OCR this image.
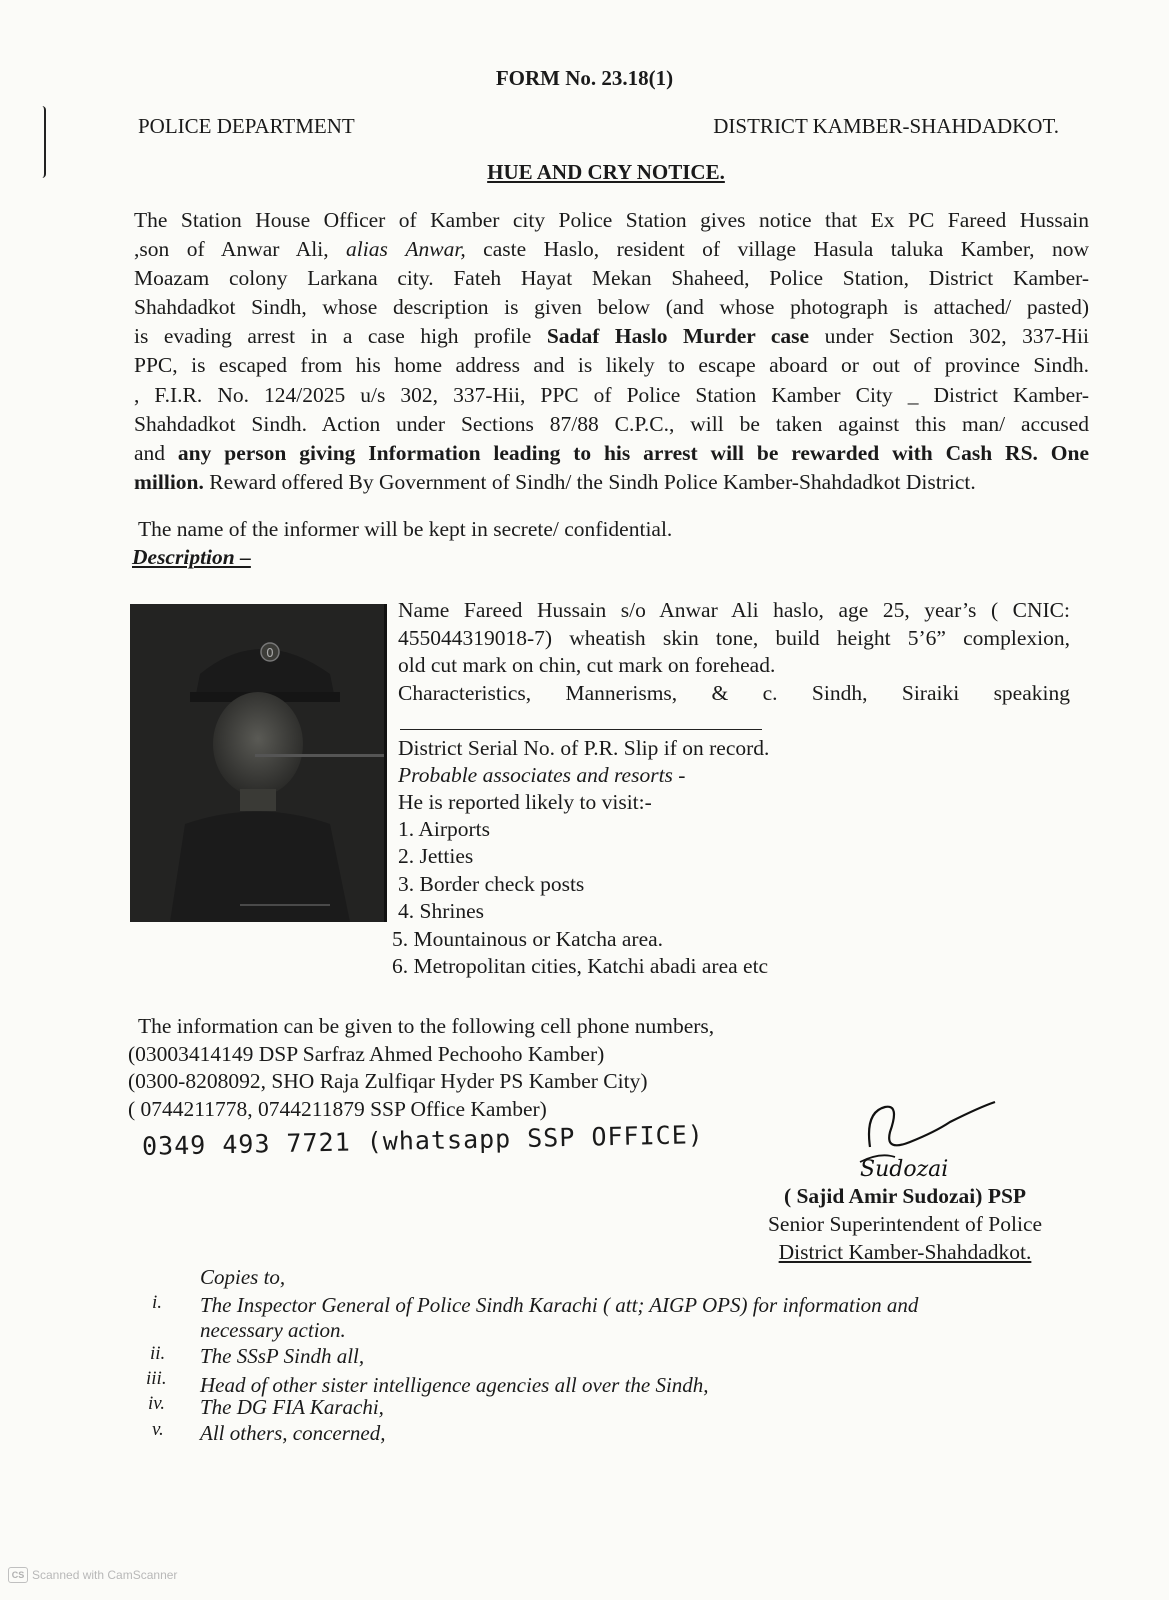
FORM No. 23.18(1)
POLICE DEPARTMENT	DISTRICT KAMBER-SHAHDADKOT.
HUE AND CRY NOTICE.
The Station House Officer of Kamber city Police Station gives notice that Ex PC Fareed Hussain
,son of Anwar Ali, alias Anwar, caste Haslo, resident of village Hasula taluka Kamber, now
Moazam colony Larkana city. Fateh Hayat Mekan Shaheed, Police Station, District Kamber-
Shahdadkot Sindh, whose description is given below (and whose photograph is attached/ pasted)
is evading arrest in a case high profile Sadaf Haslo Murder case under Section 302, 337-Hii
PPC, is escaped from his home address and is likely to escape aboard or out of province Sindh.
, F.I.R. No. 124/2025 u/s 302, 337-Hii, PPC of Police Station Kamber City _ District Kamber-
Shahdadkot Sindh. Action under Sections 87/88 C.P.C., will be taken against this man/ accused
and any person giving Information leading to his arrest will be rewarded with Cash RS. One
million. Reward offered By Government of Sindh/ the Sindh Police Kamber-Shahdadkot District.
The name of the informer will be kept in secrete/ confidential.
Description –
0
Name Fareed Hussain s/o Anwar Ali haslo, age 25, year’s ( CNIC:
455044319018-7) wheatish skin tone, build height 5’6” complexion,
old cut mark on chin, cut mark on forehead.
Characteristics, Mannerisms, & c. Sindh, Siraiki speaking
District Serial No. of P.R. Slip if on record.
Probable associates and resorts -
He is reported likely to visit:-
1. Airports
2. Jetties
3. Border check posts
4. Shrines
5. Mountainous or Katcha area.
6. Metropolitan cities, Katchi abadi area etc
The information can be given to the following cell phone numbers,
(03003414149 DSP Sarfraz Ahmed Pechooho Kamber)
(0300-8208092, SHO Raja Zulfiqar Hyder PS Kamber City)
( 0744211778, 0744211879 SSP Office Kamber)
0349 493 7721 (whatsapp SSP OFFICE)
Sudozai
( Sajid Amir Sudozai) PSP
Senior Superintendent of Police
District Kamber-Shahdadkot.
Copies to,
i. The Inspector General of Police Sindh Karachi ( att; AIGP OPS) for information and
necessary action.
ii. The SSsP Sindh all,
iii. Head of other sister intelligence agencies all over the Sindh,
iv. The DG FIA Karachi,
v. All others, concerned,
CS Scanned with CamScanner
